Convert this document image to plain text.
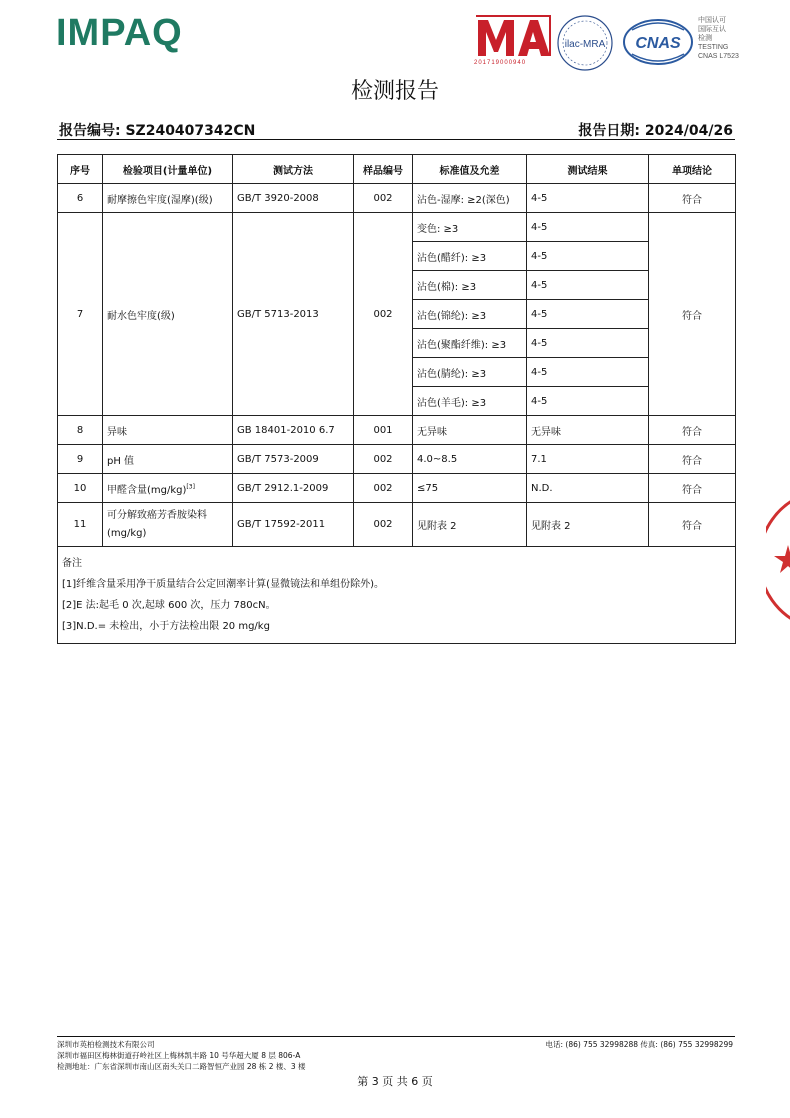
IMPAQ
201719000940
ilac-MRA CNAS
中国认可
国际互认
检测
TESTING
CNAS L7523
检测报告
报告编号: SZ240407342CN	报告日期: 2024/04/26
序号	检验项目(计量单位)	测试方法	样品编号	标准值及允差	测试结果	单项结论
6	耐摩擦色牢度(湿摩)(级)	GB/T 3920-2008	002	沾色-湿摩: ≥2(深色)	4-5	符合
7	耐水色牢度(级)	GB/T 5713-2013	002	变色: ≥3	4-5	符合
				沾色(醋纤): ≥3	4-5	
				沾色(棉): ≥3	4-5	
				沾色(锦纶): ≥3	4-5	
				沾色(聚酯纤维): ≥3	4-5	
				沾色(腈纶): ≥3	4-5	
				沾色(羊毛): ≥3	4-5	
8	异味	GB 18401-2010 6.7	001	无异味	无异味	符合
9	pH 值	GB/T 7573-2009	002	4.0~8.5	7.1	符合
10	甲醛含量(mg/kg)[3]	GB/T 2912.1-2009	002	≤75	N.D.	符合
11	可分解致癌芳香胺染料
(mg/kg)	GB/T 17592-2011	002	见附表 2	见附表 2	符合

备注
[1]纤维含量采用净干质量结合公定回潮率计算(显微镜法和单组份除外)。
[2]E 法:起毛 0 次,起球 600 次，压力 780cN。
[3]N.D.= 未检出，小于方法检出限 20 mg/kg						
深圳市英柏检测技术有限公司	电话: (86) 755 32998288 传真: (86) 755 32998299
深圳市福田区梅林街道孖岭社区上梅林凯丰路 10 号华超大厦 8 层 806-A
检测地址：广东省深圳市南山区南头关口二路智恒产业园 28 栋 2 楼、3 楼
第 3 页 共 6 页
